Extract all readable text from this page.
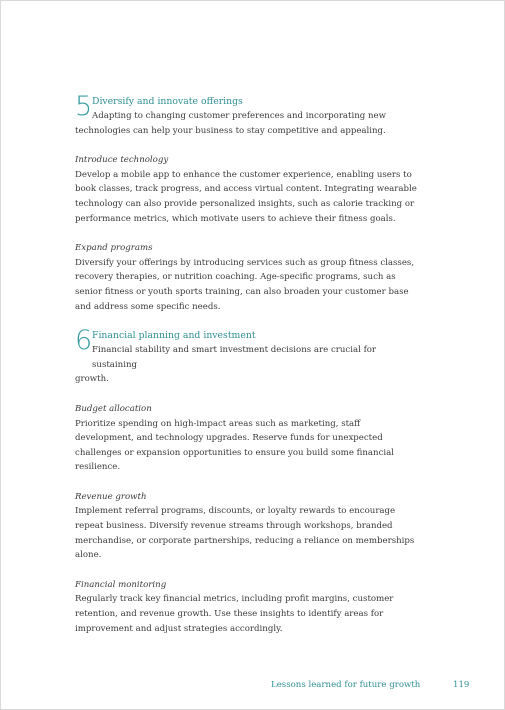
5 Diversify and innovate offerings
Adapting to changing customer preferences and incorporating new
technologies can help your business to stay competitive and appealing.
Introduce technology
Develop a mobile app to enhance the customer experience, enabling users to book classes, track progress, and access virtual content. Integrating wearable technology can also provide personalized insights, such as calorie tracking or performance metrics, which motivate users to achieve their fitness goals.
Expand programs
Diversify your offerings by introducing services such as group fitness classes, recovery therapies, or nutrition coaching. Age-specific programs, such as senior fitness or youth sports training, can also broaden your customer base and address some specific needs.
6 Financial planning and investment
Financial stability and smart investment decisions are crucial for sustaining
growth.
Budget allocation
Prioritize spending on high-impact areas such as marketing, staff development, and technology upgrades. Reserve funds for unexpected challenges or expansion opportunities to ensure you build some financial resilience.
Revenue growth
Implement referral programs, discounts, or loyalty rewards to encourage repeat business. Diversify revenue streams through workshops, branded merchandise, or corporate partnerships, reducing a reliance on memberships alone.
Financial monitoring
Regularly track key financial metrics, including profit margins, customer retention, and revenue growth. Use these insights to identify areas for improvement and adjust strategies accordingly.
Lessons learned for future growth	119
